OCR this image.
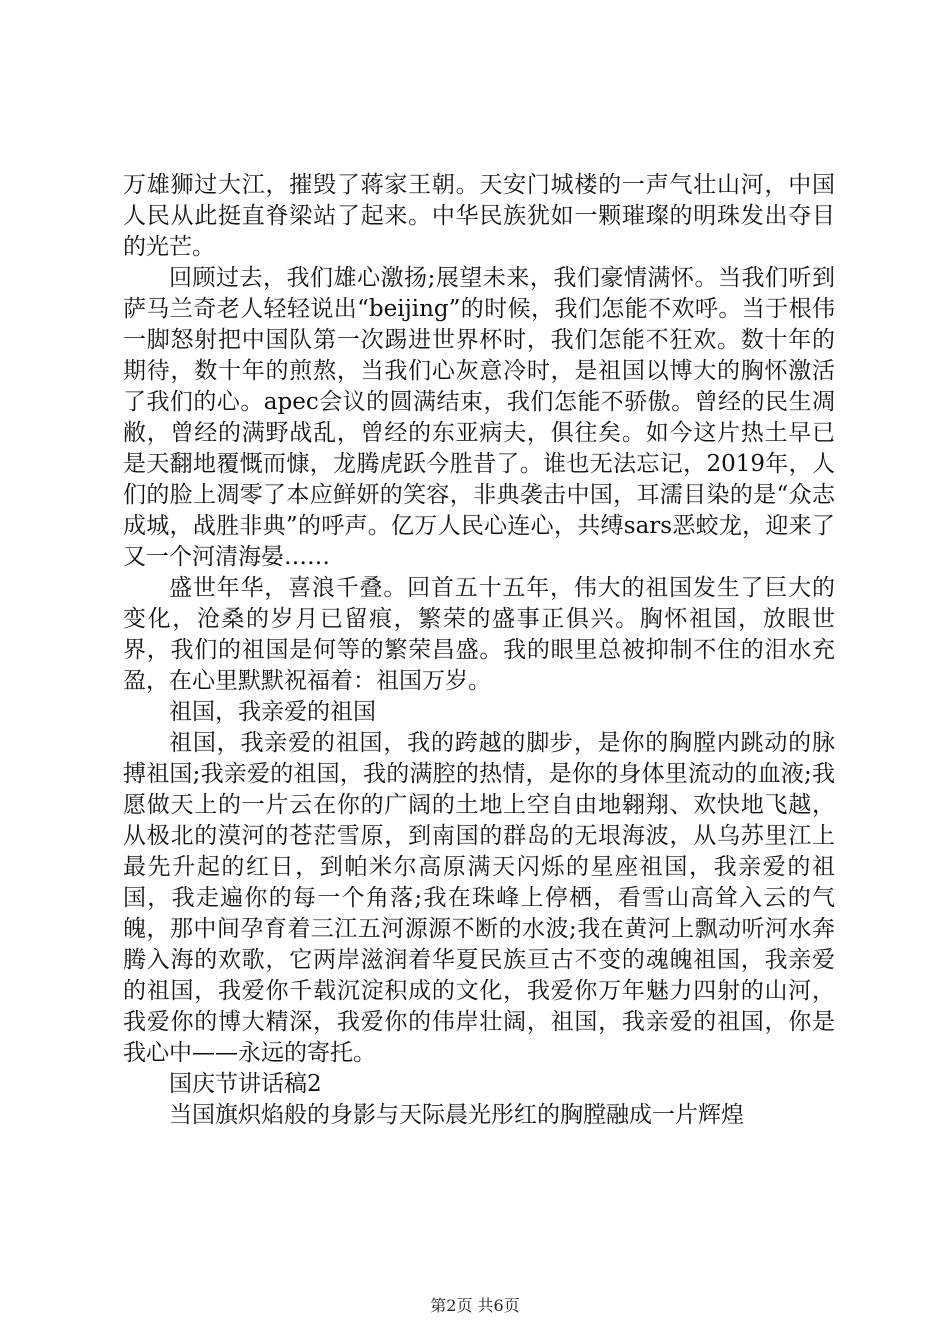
万雄狮过大江，摧毁了蒋家王朝。天安门城楼的一声气壮山河，中国人民从此挺直脊梁站了起来。中华民族犹如一颗璀璨的明珠发出夺目的光芒。

回顾过去，我们雄心激扬;展望未来，我们豪情满怀。当我们听到萨马兰奇老人轻轻说出“beijing”的时候，我们怎能不欢呼。当于根伟一脚怒射把中国队第一次踢进世界杯时，我们怎能不狂欢。数十年的期待，数十年的煎熬，当我们心灰意冷时，是祖国以博大的胸怀激活了我们的心。apec会议的圆满结束，我们怎能不骄傲。曾经的民生凋敝，曾经的满野战乱，曾经的东亚病夫，俱往矣。如今这片热土早已是天翻地覆慨而慷，龙腾虎跃今胜昔了。谁也无法忘记，2019年，人们的脸上凋零了本应鲜妍的笑容，非典袭击中国，耳濡目染的是“众志成城，战胜非典”的呼声。亿万人民心连心，共缚sars恶蛟龙，迎来了又一个河清海晏……

盛世年华，喜浪千叠。回首五十五年，伟大的祖国发生了巨大的变化，沧桑的岁月已留痕，繁荣的盛事正俱兴。胸怀祖国，放眼世界，我们的祖国是何等的繁荣昌盛。我的眼里总被抑制不住的泪水充盈，在心里默默祝福着：祖国万岁。

祖国，我亲爱的祖国

祖国，我亲爱的祖国，我的跨越的脚步，是你的胸膛内跳动的脉搏祖国;我亲爱的祖国，我的满腔的热情，是你的身体里流动的血液;我愿做天上的一片云在你的广阔的土地上空自由地翱翔、欢快地飞越，从极北的漠河的苍茫雪原，到南国的群岛的无垠海波，从乌苏里江上最先升起的红日，到帕米尔高原满天闪烁的星座祖国，我亲爱的祖国，我走遍你的每一个角落;我在珠峰上停栖，看雪山高耸入云的气魄，那中间孕育着三江五河源源不断的水波;我在黄河上飘动听河水奔腾入海的欢歌，它两岸滋润着华夏民族亘古不变的魂魄祖国，我亲爱的祖国，我爱你千载沉淀积成的文化，我爱你万年魅力四射的山河，我爱你的博大精深，我爱你的伟岸壮阔，祖国，我亲爱的祖国，你是我心中——永远的寄托。

国庆节讲话稿2

当国旗炽焰般的身影与天际晨光彤红的胸膛融成一片辉煌

第2页 共6页
